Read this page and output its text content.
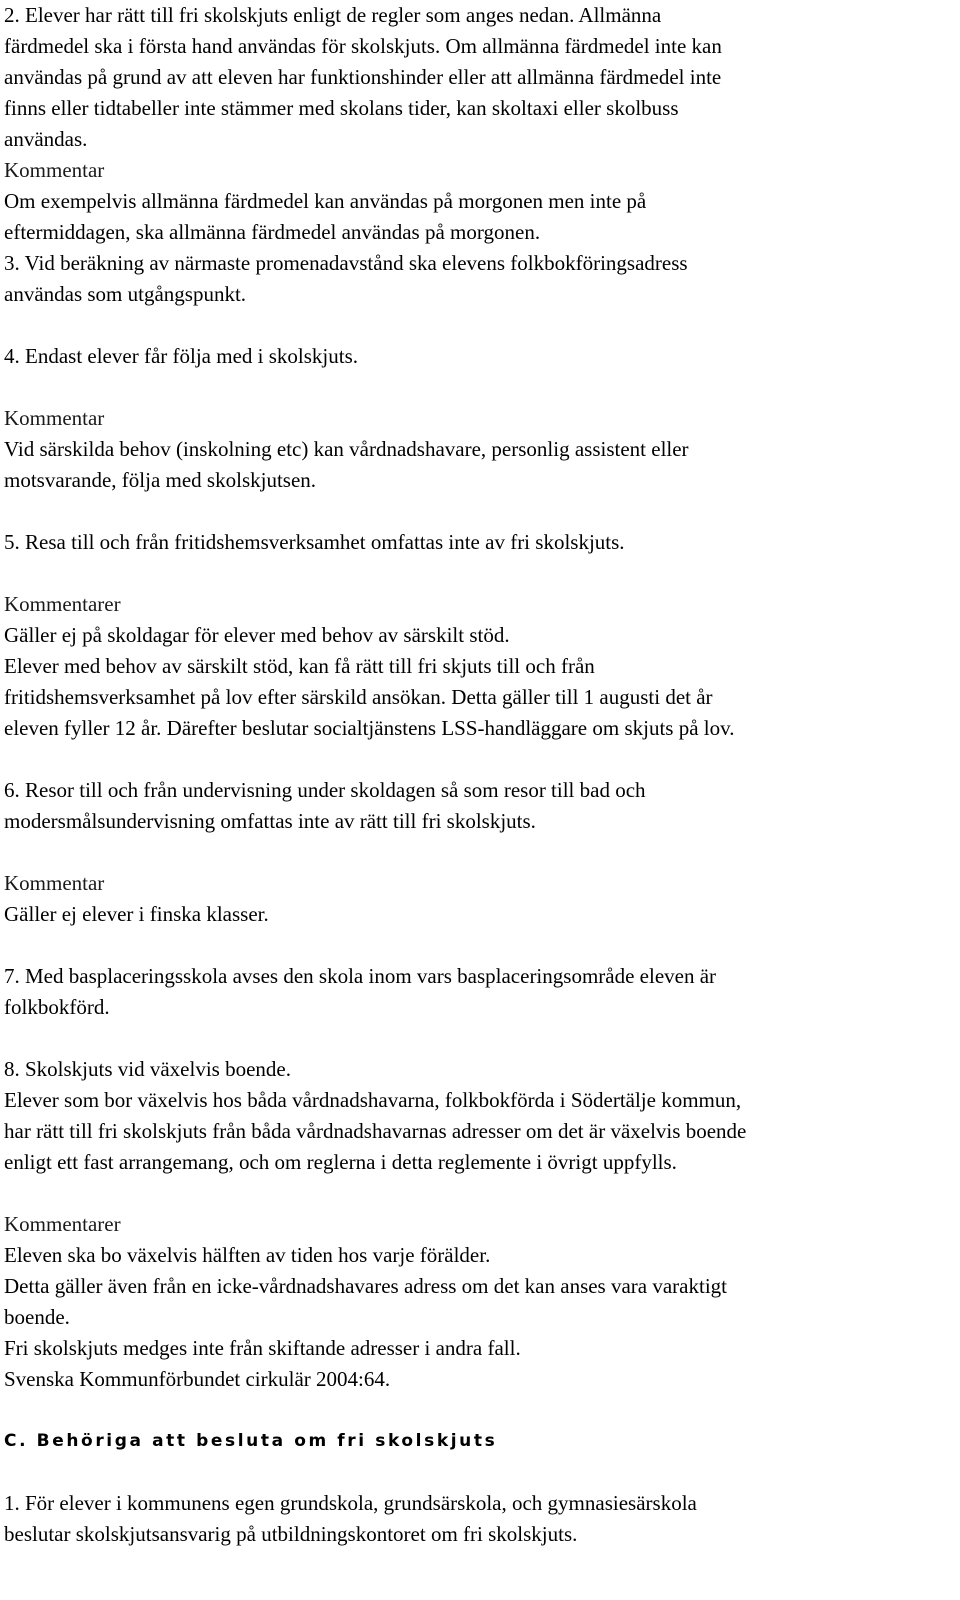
2. Elever har rätt till fri skolskjuts enligt de regler som anges nedan. Allmänna
färdmedel ska i första hand användas för skolskjuts. Om allmänna färdmedel inte kan
användas på grund av att eleven har funktionshinder eller att allmänna färdmedel inte
finns eller tidtabeller inte stämmer med skolans tider, kan skoltaxi eller skolbuss
användas.
Kommentar
Om exempelvis allmänna färdmedel kan användas på morgonen men inte på
eftermiddagen, ska allmänna färdmedel användas på morgonen.
3. Vid beräkning av närmaste promenadavstånd ska elevens folkbokföringsadress
användas som utgångspunkt.
4. Endast elever får följa med i skolskjuts.
Kommentar
Vid särskilda behov (inskolning etc) kan vårdnadshavare, personlig assistent eller
motsvarande, följa med skolskjutsen.
5. Resa till och från fritidshemsverksamhet omfattas inte av fri skolskjuts.
Kommentarer
Gäller ej på skoldagar för elever med behov av särskilt stöd.
Elever med behov av särskilt stöd, kan få rätt till fri skjuts till och från
fritidshemsverksamhet på lov efter särskild ansökan. Detta gäller till 1 augusti det år
eleven fyller 12 år. Därefter beslutar socialtjänstens LSS-handläggare om skjuts på lov.
6. Resor till och från undervisning under skoldagen så som resor till bad och
modersmålsundervisning omfattas inte av rätt till fri skolskjuts.
Kommentar
Gäller ej elever i finska klasser.
7. Med basplaceringsskola avses den skola inom vars basplaceringsområde eleven är
folkbokförd.
8. Skolskjuts vid växelvis boende.
Elever som bor växelvis hos båda vårdnadshavarna, folkbokförda i Södertälje kommun,
har rätt till fri skolskjuts från båda vårdnadshavarnas adresser om det är växelvis boende
enligt ett fast arrangemang, och om reglerna i detta reglemente i övrigt uppfylls.
Kommentarer
Eleven ska bo växelvis hälften av tiden hos varje förälder.
Detta gäller även från en icke-vårdnadshavares adress om det kan anses vara varaktigt
boende.
Fri skolskjuts medges inte från skiftande adresser i andra fall.
Svenska Kommunförbundet cirkulär 2004:64.
C. Behöriga att besluta om fri skolskjuts
1. För elever i kommunens egen grundskola, grundsärskola, och gymnasiesärskola
beslutar skolskjutsansvarig på utbildningskontoret om fri skolskjuts.
